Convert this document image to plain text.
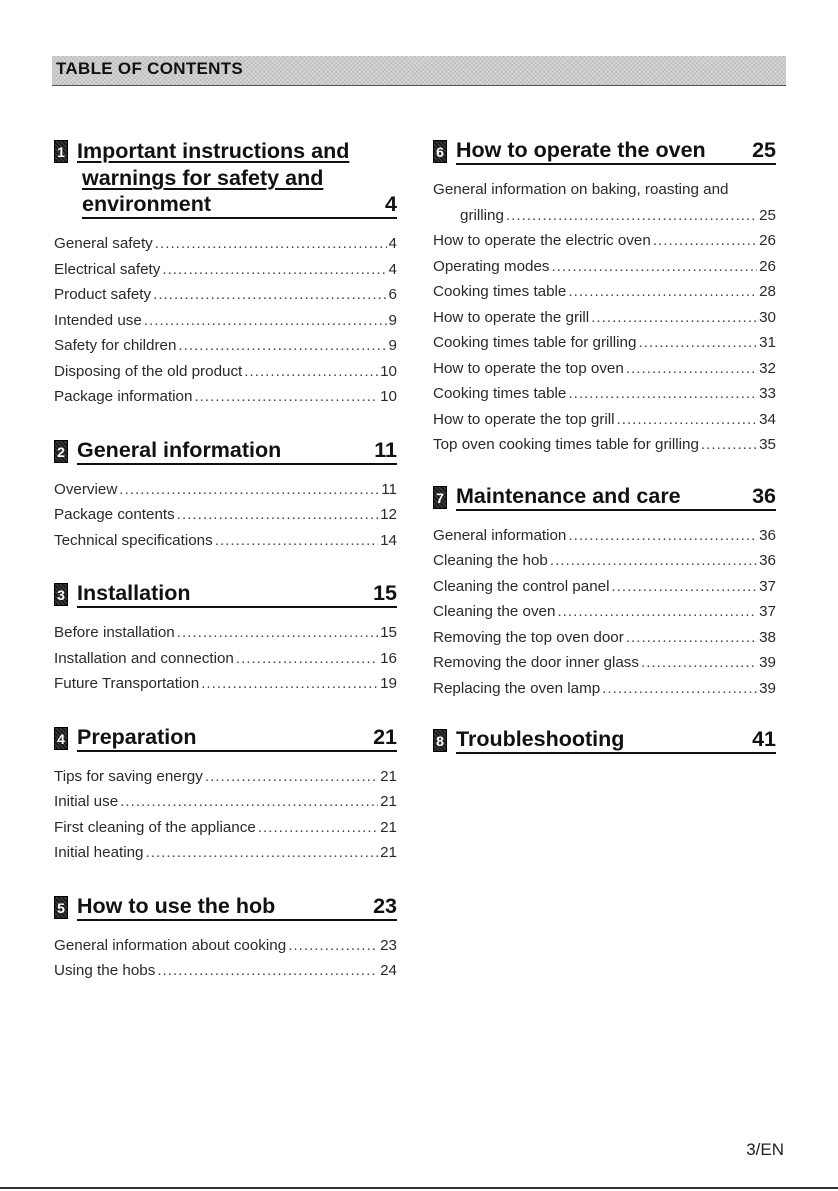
TABLE OF CONTENTS
1 Important instructions and
warnings for safety and
environment	4
General safety .....	4
Electrical safety .....	4
Product safety .....	6
Intended use .....	9
Safety for children .....	9
Disposing of the old product .....	10
Package information .....	10
2 General information	11
Overview .....	11
Package contents .....	12
Technical specifications .....	14
3 Installation	15
Before installation .....	15
Installation and connection .....	16
Future Transportation .....	19
4 Preparation	21
Tips for saving energy .....	21
Initial use .....	21
First cleaning of the appliance .....	21
Initial heating .....	21
5 How to use the hob	23
General information about cooking .....	23
Using the hobs .....	24
6 How to operate the oven 25
General information on baking, roasting and
grilling .....	25
How to operate the electric oven .....	26
Operating modes .....	26
Cooking times table .....	28
How to operate the grill .....	30
Cooking times table for grilling .....	31
How to operate the top oven .....	32
Cooking times table .....	33
How to operate the top grill .....	34
Top oven cooking times table for grilling .....	35
7 Maintenance and care	36
General information .....	36
Cleaning the hob .....	36
Cleaning the control panel .....	37
Cleaning the oven .....	37
Removing the top oven door .....	38
Removing the door inner glass .....	39
Replacing the oven lamp .....	39
8 Troubleshooting	41
3/EN
